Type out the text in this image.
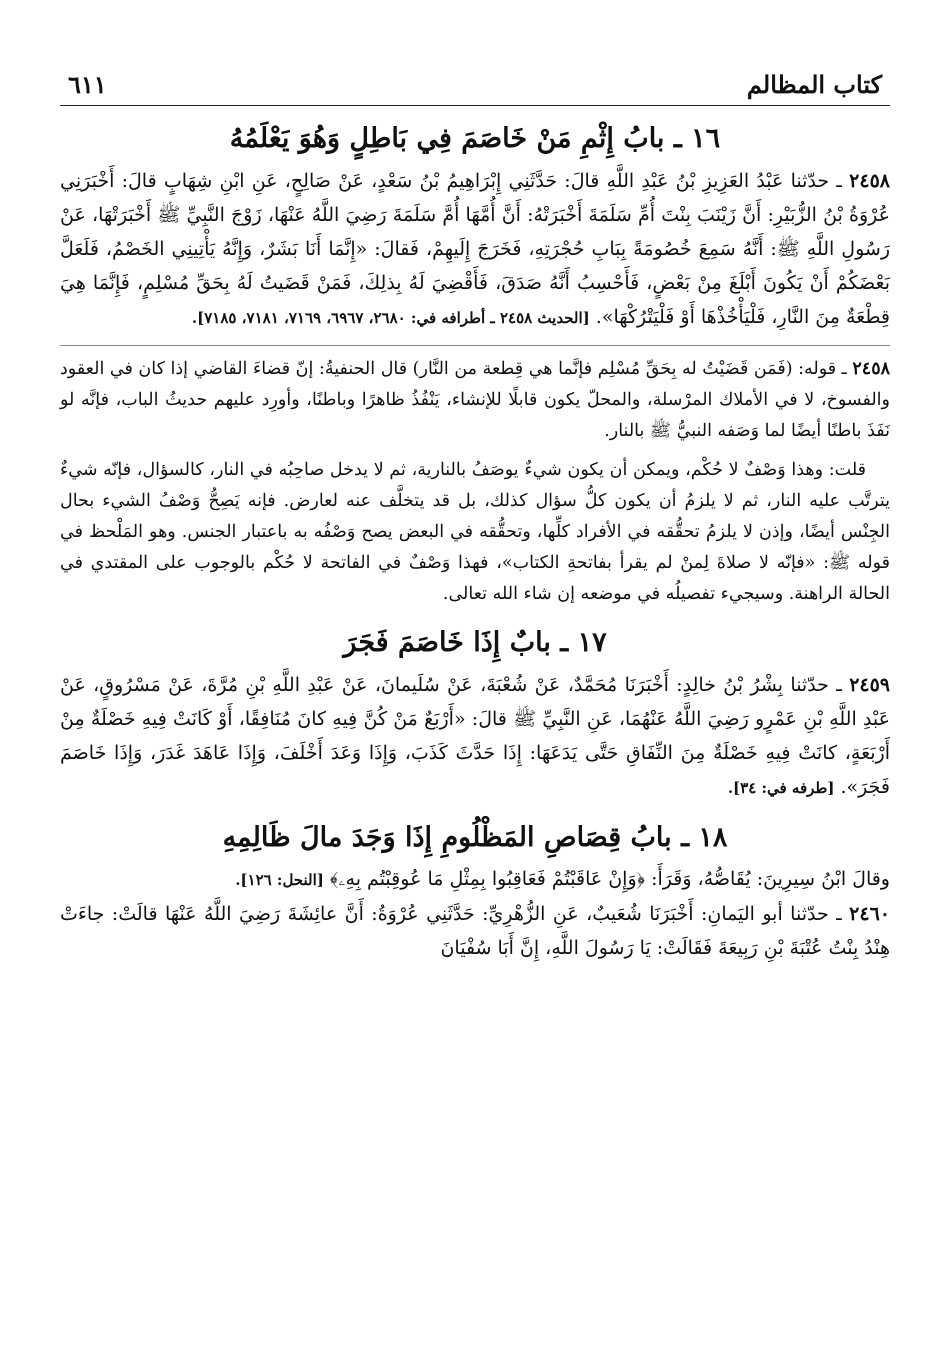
كتاب المظالم
٦١١
١٦ ـ بابُ إِثْمِ مَنْ خَاصَمَ فِي بَاطِلٍ وَهُوَ يَعْلَمُهُ

٢٤٥٨ ـ حدّثنا عَبْدُ العَزِيزِ بْنُ عَبْدِ اللَّهِ قالَ: حَدَّثَنِي إِبْرَاهِيمُ بْنُ سَعْدٍ، عَنْ صَالِحٍ، عَنِ ابْنِ شِهَابٍ قالَ: أَخْبَرَنِي عُرْوَةُ بْنُ الزُّبَيْرِ: أَنَّ زَيْنَبَ بِنْتَ أُمِّ سَلَمَةَ أَخْبَرَتْهُ: أَنَّ أُمَّهَا أُمَّ سَلَمَةَ رَضِيَ اللَّهُ عَنْهَا، زَوْجَ النَّبِيِّ ﷺ أَخْبَرَتْهَا، عَنْ رَسُولِ اللَّهِ ﷺ: أَنَّهُ سَمِعَ خُصُومَةً بِبَابِ حُجْرَتِهِ، فَخَرَجَ إِلَيهِمْ، فَقالَ: «إِنَّمَا أَنَا بَشَرٌ، وَإِنَّهُ يَأْتِينِي الخَصْمُ، فَلَعَلَّ بَعْضَكُمْ أَنْ يَكُونَ أَبْلَغَ مِنْ بَعْضٍ، فَأَحْسِبُ أَنَّهُ صَدَقَ، فَأَقْضِيَ لَهُ بِذلِكَ، فَمَنْ قَضَيتُ لَهُ بِحَقِّ مُسْلِمٍ، فَإِنَّمَا هِيَ قِطْعَةٌ مِنَ النَّارِ، فَلْيَأْخُذْهَا أَوْ فَلْيَتْرُكْهَا». [الحديث ٢٤٥٨ ـ أطرافه في: ٢٦٨٠، ٦٩٦٧، ٧١٦٩، ٧١٨١، ٧١٨٥].

٢٤٥٨ ـ قوله: (فَمَن قَضَيْتُ له بِحَقِّ مُسْلِم فإنَّما هي قِطعة من النَّار) قال الحنفيةُ: إنّ قضاءَ القاضي إذا كان في العقود والفسوخ، لا في الأملاك المرْسلة، والمحلّ يكون قابلًا للإنشاء، يَنْفُذُ ظاهرًا وباطنًا، وأورِد عليهم حديثُ الباب، فإنَّه لو نَفَذَ باطنًا أيضًا لما وَصَفه النبيُّ ﷺ بالنار.

قلت: وهذا وَصْفٌ لا حُكْم، ويمكن أن يكون شيءٌ يوصَفُ بالنارية، ثم لا يدخل صاحِبُه في النار، كالسؤال، فإنّه شيءٌ يترتَّب عليه النار، ثم لا يلزمُ أن يكون كلُّ سؤال كذلك، بل قد يتخلَّف عنه لعارض. فإنه يَصِحُّ وَصْفُ الشيء بحال الجِنْس أيضًا، وإذن لا يلزمُ تحقُّقه في الأفراد كلِّها، وتحقُّقه في البعض يصح وَصْفُه به باعتبار الجنس. وهو المَلْحظ في قوله ﷺ: «فإنّه لا صلاةَ لِمنْ لم يقرأ بفاتحةِ الكتاب»، فهذا وَصْفٌ في الفاتحة لا حُكْم بالوجوب على المقتدي في الحالة الراهنة. وسيجيء تفصيلُه في موضعه إن شاء الله تعالى.

١٧ ـ بابٌ إِذَا خَاصَمَ فَجَرَ

٢٤٥٩ ـ حدّثنا بِشْرُ بْنُ خالِدٍ: أَخْبَرَنَا مُحَمَّدٌ، عَنْ شُعْبَةَ، عَنْ سُلَيمانَ، عَنْ عَبْدِ اللَّهِ بْنِ مُرَّةَ، عَنْ مَسْرُوقٍ، عَنْ عَبْدِ اللَّهِ بْنِ عَمْرٍو رَضِيَ اللَّهُ عَنْهُمَا، عَنِ النَّبِيِّ ﷺ قالَ: «أَرْبَعٌ مَنْ كُنَّ فِيهِ كانَ مُنَافِقًا، أَوْ كَانَتْ فِيهِ خَصْلَةٌ مِنْ أَرْبَعَةٍ، كانَتْ فِيهِ خَصْلَةٌ مِنَ النِّفَاقِ حَتَّى يَدَعَهَا: إِذَا حَدَّثَ كَذَبَ، وَإِذَا وَعَدَ أَخْلَفَ، وَإِذَا عَاهَدَ غَدَرَ، وَإِذَا خَاصَمَ فَجَرَ». [طرفه في: ٣٤].

١٨ ـ بابُ قِصَاصِ المَظْلُومِ إِذَا وَجَدَ مالَ ظَالِمِهِ

وقالَ ابْنُ سِيرِينَ: يُقَاصُّهُ، وَقَرَأَ: ﴿وَإِنْ عَاقَبْتُمْ فَعَاقِبُوا بِمِثْلِ مَا عُوقِبْتُم بِهِۦ﴾ [النحل: ١٢٦].

٢٤٦٠ ـ حدّثنا أبو اليَمانِ: أَخْبَرَنَا شُعَيبٌ، عَنِ الزُّهْرِيِّ: حَدَّثَنِي عُرْوَةُ: أَنَّ عائِشَةَ رَضِيَ اللَّهُ عَنْهَا قالَتْ: جاءَتْ هِنْدُ بِنْتُ عُتْبَةَ بْنِ رَبِيعَةَ فَقَالَتْ: يَا رَسُولَ اللَّهِ، إِنَّ أَبَا سُفْيَانَ
